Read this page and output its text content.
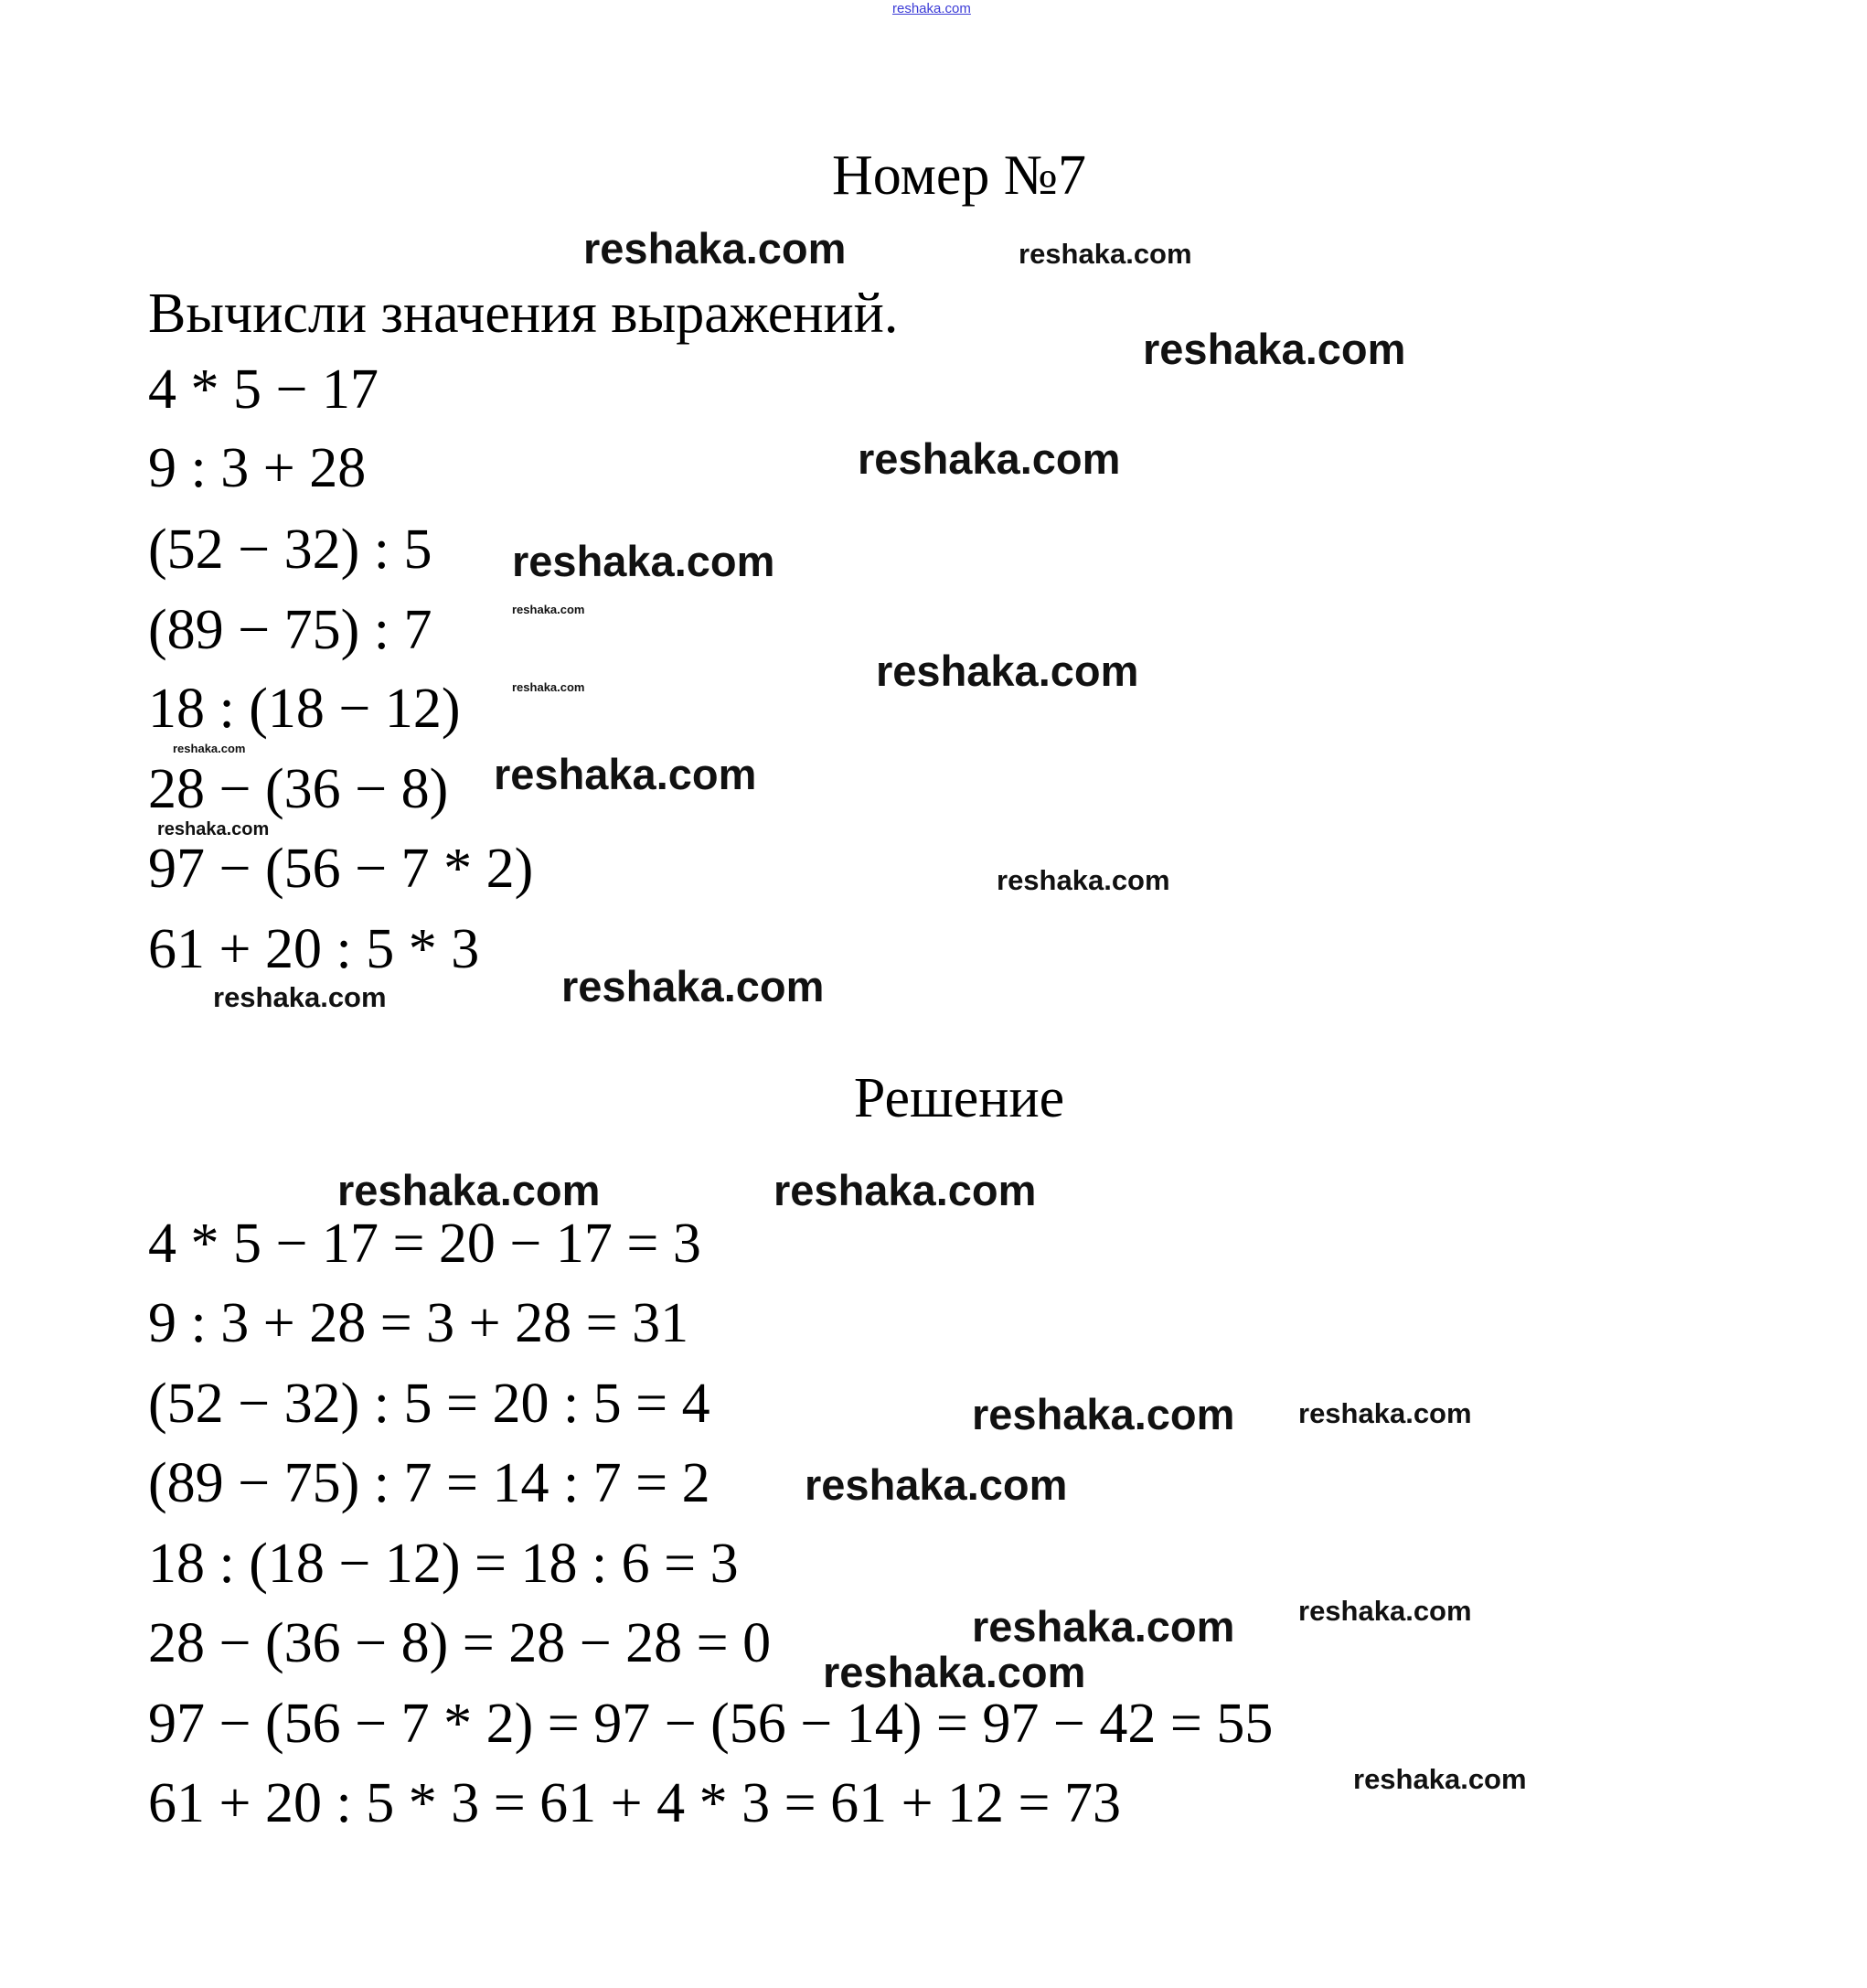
reshaka.com
Номер №7
Вычисли значения выражений.
4 * 5 − 17
9 : 3 + 28
(52 − 32) : 5
(89 − 75) : 7
18 : (18 − 12)
28 − (36 − 8)
97 − (56 − 7 * 2)
61 + 20 : 5 * 3
Решение
4 * 5 − 17 = 20 − 17 = 3
9 : 3 + 28 = 3 + 28 = 31
(52 − 32) : 5 = 20 : 5 = 4
(89 − 75) : 7 = 14 : 7 = 2
18 : (18 − 12) = 18 : 6 = 3
28 − (36 − 8) = 28 − 28 = 0
97 − (56 − 7 * 2) = 97 − (56 − 14) = 97 − 42 = 55
61 + 20 : 5 * 3 = 61 + 4 * 3 = 61 + 12 = 73
reshaka.com	reshaka.com
reshaka.com
reshaka.com
reshaka.com
reshaka.com
reshaka.com
reshaka.com
reshaka.com
reshaka.com
reshaka.com
reshaka.com
reshaka.com	reshaka.com
reshaka.com	reshaka.com
reshaka.com reshaka.com
reshaka.com
reshaka.com
reshaka.com
reshaka.com
reshaka.com
